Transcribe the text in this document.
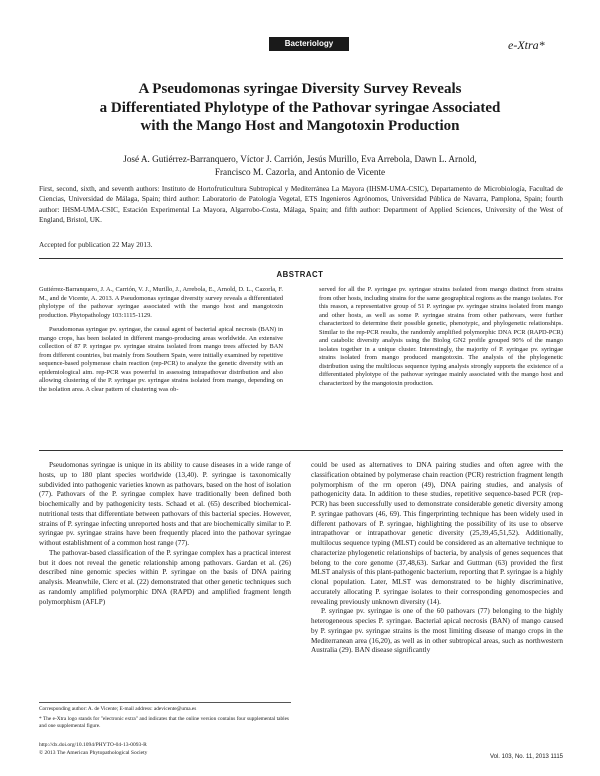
Bacteriology	e-Xtra*
A Pseudomonas syringae Diversity Survey Reveals
a Differentiated Phylotype of the Pathovar syringae Associated
with the Mango Host and Mangotoxin Production
José A. Gutiérrez-Barranquero, Víctor J. Carrión, Jesús Murillo, Eva Arrebola, Dawn L. Arnold,
Francisco M. Cazorla, and Antonio de Vicente
First, second, sixth, and seventh authors: Instituto de Hortofruticultura Subtropical y Mediterránea La Mayora (IHSM-UMA-CSIC), Departamento de Microbiología, Facultad de Ciencias, Universidad de Málaga, Spain; third author: Laboratorio de Patología Vegetal, ETS Ingenieros Agrónomos, Universidad Pública de Navarra, Pamplona, Spain; fourth author: IHSM-UMA-CSIC, Estación Experimental La Mayora, Algarrobo-Costa, Málaga, Spain; and fifth author: Department of Applied Sciences, University of the West of England, Bristol, UK.
Accepted for publication 22 May 2013.
ABSTRACT

Gutiérrez-Barranquero, J. A., Carrión, V. J., Murillo, J., Arrebola, E., Arnold, D. L., Cazorla, F. M., and de Vicente, A. 2013. A Pseudomonas syringae diversity survey reveals a differentiated phylotype of the pathovar syringae associated with the mango host and mangotoxin production. Phytopathology 103:1115-1129.

Pseudomonas syringae pv. syringae, the causal agent of bacterial apical necrosis (BAN) in mango crops, has been isolated in different mango-producing areas worldwide. An extensive collection of 87 P. syringae pv. syringae strains isolated from mango trees affected by BAN from different countries, but mainly from Southern Spain, were initially examined by repetitive sequence-based polymerase chain reaction (rep-PCR) to analyze the genetic diversity with an epidemiological aim. rep-PCR was powerful in assessing intrapathovar distribution and also allowing clustering of the P. syringae pv. syringae strains isolated from mango, depending on the isolation area. A clear pattern of clustering was ob-

served for all the P. syringae pv. syringae strains isolated from mango distinct from strains from other hosts, including strains for the same geographical regions as the mango isolates. For this reason, a representative group of 51 P. syringae pv. syringae strains isolated from mango and other hosts, as well as some P. syringae strains from other pathovars, were further characterized to determine their possible genetic, phenotypic, and phylogenetic relationships. Similar to the rep-PCR results, the randomly amplified polymorphic DNA PCR (RAPD-PCR) and catabolic diversity analysis using the Biolog GN2 profile grouped 90% of the mango isolates together in a unique cluster. Interestingly, the majority of P. syringae pv. syringae strains isolated from mango produced mangotoxin. The analysis of the phylogenetic distribution using the multilocus sequence typing analysis strongly supports the existence of a differentiated phylotype of the pathovar syringae mainly associated with the mango host and characterized by the mangotoxin production.

Pseudomonas syringae is unique in its ability to cause diseases in a wide range of hosts, up to 180 plant species worldwide (13,40). P. syringae is taxonomically subdivided into pathogenic varieties known as pathovars, based on the host of isolation (77). Pathovars of the P. syringae complex have traditionally been defined both biochemically and by pathogenicity tests. Schaad et al. (65) described biochemical-nutritional tests that differentiate between pathovars of this bacterial species. However, strains of P. syringae infecting unreported hosts and that are biochemically similar to P. syringae pv. syringae strains have been frequently placed into the pathovar syringae without establishment of a common host range (77).

The pathovar-based classification of the P. syringae complex has a practical interest but it does not reveal the genetic relationship among pathovars. Gardan et al. (26) described nine genomic species within P. syringae on the basis of DNA pairing analysis. Meanwhile, Clerc et al. (22) demonstrated that other genetic techniques such as randomly amplified polymorphic DNA (RAPD) and amplified fragment length polymorphism (AFLP)

could be used as alternatives to DNA pairing studies and often agree with the classification obtained by polymerase chain reaction (PCR) restriction fragment length polymorphism of the rrn operon (49), DNA pairing studies, and analysis of pathogenicity data. In addition to these studies, repetitive sequence-based PCR (rep-PCR) has been successfully used to demonstrate considerable genetic diversity among P. syringae pathovars (46, 69). This fingerprinting technique has been widely used in different pathovars of P. syringae, highlighting the possibility of its use to observe intrapathovar or intrapathovar genetic diversity (25,39,45,51,52). Additionally, multilocus sequence typing (MLST) could be considered as an alternative technique to characterize phylogenetic relationships of bacteria, by analysis of genes sequences that belong to the core genome (37,48,63). Sarkar and Guttman (63) provided the first MLST analysis of this plant-pathogenic bacterium, reporting that P. syringae is a highly clonal population. Later, MLST was demonstrated to be highly discriminative, accurately allocating P. syringae isolates to their corresponding genomospecies and revealing previously unknown diversity (14).

P. syringae pv. syringae is one of the 60 pathovars (77) belonging to the highly heterogeneous species P. syringae. Bacterial apical necrosis (BAN) of mango caused by P. syringae pv. syringae strains is the most limiting disease of mango crops in the Mediterranean area (16,20), as well as in other subtropical areas, such as northwestern Australia (29). BAN disease significantly

Corresponding author: A. de Vicente; E-mail address: adevicente@uma.es
* The e-Xtra logo stands for "electronic extra" and indicates that the online version contains four supplemental tables and one supplemental figure.
http://dx.doi.org/10.1094/PHYTO-04-13-0093-R
© 2013 The American Phytopathological Society
Vol. 103, No. 11, 2013 1115
